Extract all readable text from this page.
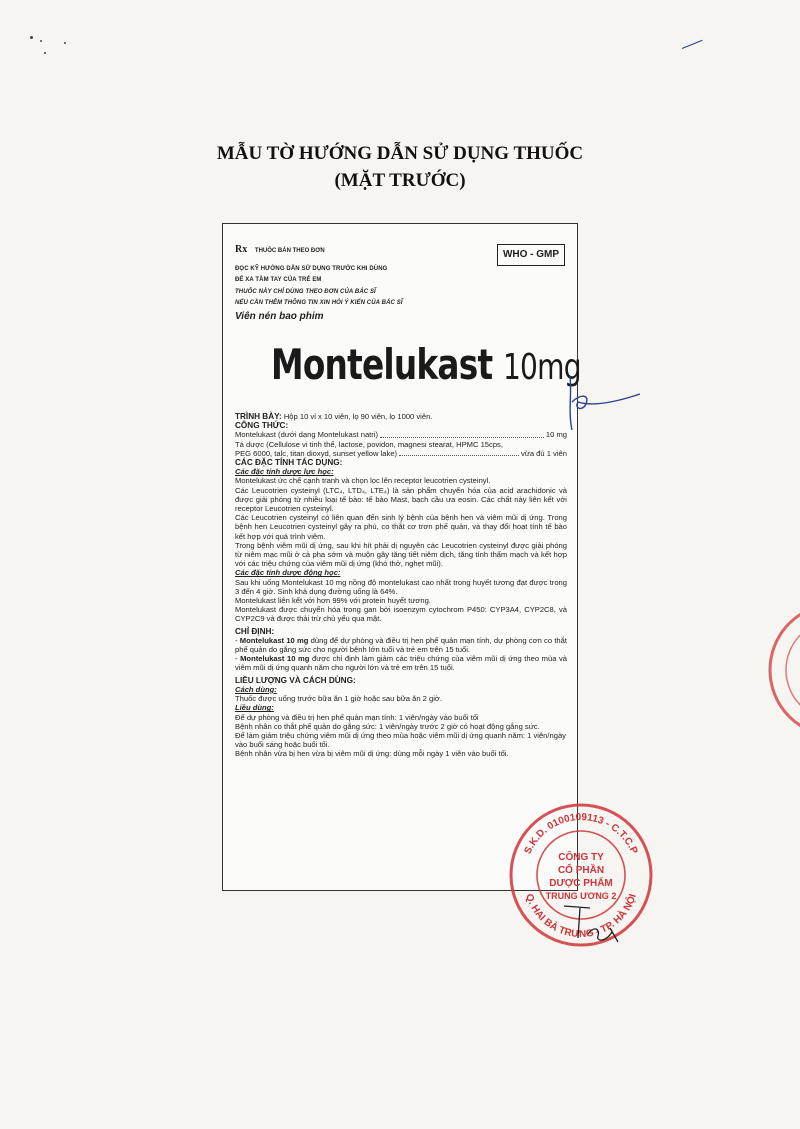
MẪU TỜ HƯỚNG DẪN SỬ DỤNG THUỐC
(MẶT TRƯỚC)
Rx THUỐC BÁN THEO ĐƠN	WHO - GMP
ĐỌC KỸ HƯỚNG DẪN SỬ DỤNG TRƯỚC KHI DÙNG
ĐỂ XA TẦM TAY CỦA TRẺ EM
THUỐC NÀY CHỈ DÙNG THEO ĐƠN CỦA BÁC SĨ
NẾU CẦN THÊM THÔNG TIN XIN HỎI Ý KIẾN CỦA BÁC SĨ
Viên nén bao phim
Montelukast 10mg

TRÌNH BÀY: Hộp 10 vỉ x 10 viên, lọ 90 viên, lọ 1000 viên.

CÔNG THỨC:

Montelukast (dưới dạng Montelukast natri)	10 mg

Tá dược (Cellulose vi tinh thể, lactose, povidon, magnesi stearat, HPMC 15cps,

PEG 6000, talc, titan dioxyd, sunset yellow lake)	vừa đủ 1 viên

CÁC ĐẶC TÍNH TÁC DỤNG:

Các đặc tính dược lực học:

Montelukast ức chế cạnh tranh và chọn lọc lên receptor leucotrien cysteinyl.

Các Leucotrien cysteinyl (LTC₄, LTD₄, LTE₄) là sản phẩm chuyển hóa của acid arachidonic và được giải phóng từ nhiều loại tế bào: tế bào Mast, bạch cầu ưa eosin. Các chất này liên kết với receptor Leucotrien cysteinyl.

Các Leucotrien cysteinyl có liên quan đến sinh lý bệnh của bệnh hen và viêm mũi dị ứng. Trong bệnh hen Leucotrien cysteinyl gây ra phù, co thắt cơ trơn phế quản, và thay đổi hoạt tính tế bào kết hợp với quá trình viêm.

Trong bệnh viêm mũi dị ứng, sau khi hít phải dị nguyên các Leucotrien cysteinyl được giải phóng từ niêm mạc mũi ở cả pha sớm và muộn gây tăng tiết niêm dịch, tăng tính thấm mạch và kết hợp với các triệu chứng của viêm mũi dị ứng (khó thở, nghẹt mũi).

Các đặc tính dược động học:

Sau khi uống Montelukast 10 mg nồng độ montelukast cao nhất trong huyết tương đạt được trong 3 đến 4 giờ. Sinh khả dụng đường uống là 64%.

Montelukast liên kết với hơn 99% với protein huyết tương.

Montelukast được chuyển hóa trong gan bởi isoenzym cytochrom P450: CYP3A4, CYP2C8, và CYP2C9 và được thải trừ chủ yếu qua mật.

CHỈ ĐỊNH:

- Montelukast 10 mg dùng để dự phòng và điều trị hen phế quản mạn tính, dự phòng cơn co thắt phế quản do gắng sức cho người bệnh lớn tuổi và trẻ em trên 15 tuổi.

- Montelukast 10 mg được chỉ định làm giảm các triệu chứng của viêm mũi dị ứng theo mùa và viêm mũi dị ứng quanh năm cho người lớn và trẻ em trên 15 tuổi.

LIỀU LƯỢNG VÀ CÁCH DÙNG:

Cách dùng:

Thuốc được uống trước bữa ăn 1 giờ hoặc sau bữa ăn 2 giờ.

Liều dùng:

Để dự phòng và điều trị hen phế quản mạn tính: 1 viên/ngày vào buổi tối

Bệnh nhân co thắt phế quản do gắng sức: 1 viên/ngày trước 2 giờ có hoạt động gắng sức.

Để làm giảm triệu chứng viêm mũi dị ứng theo mùa hoặc viêm mũi dị ứng quanh năm: 1 viên/ngày vào buổi sáng hoặc buổi tối.

Bệnh nhân vừa bị hen vừa bị viêm mũi dị ứng: dùng mỗi ngày 1 viên vào buổi tối.

S.K.D. 0100109113 - C.T.C.P
Q. HAI BÀ TRƯNG - TP. HÀ NỘI
CÔNG TY
CỔ PHẦN
DƯỢC PHẨM
TRUNG ƯƠNG 2
